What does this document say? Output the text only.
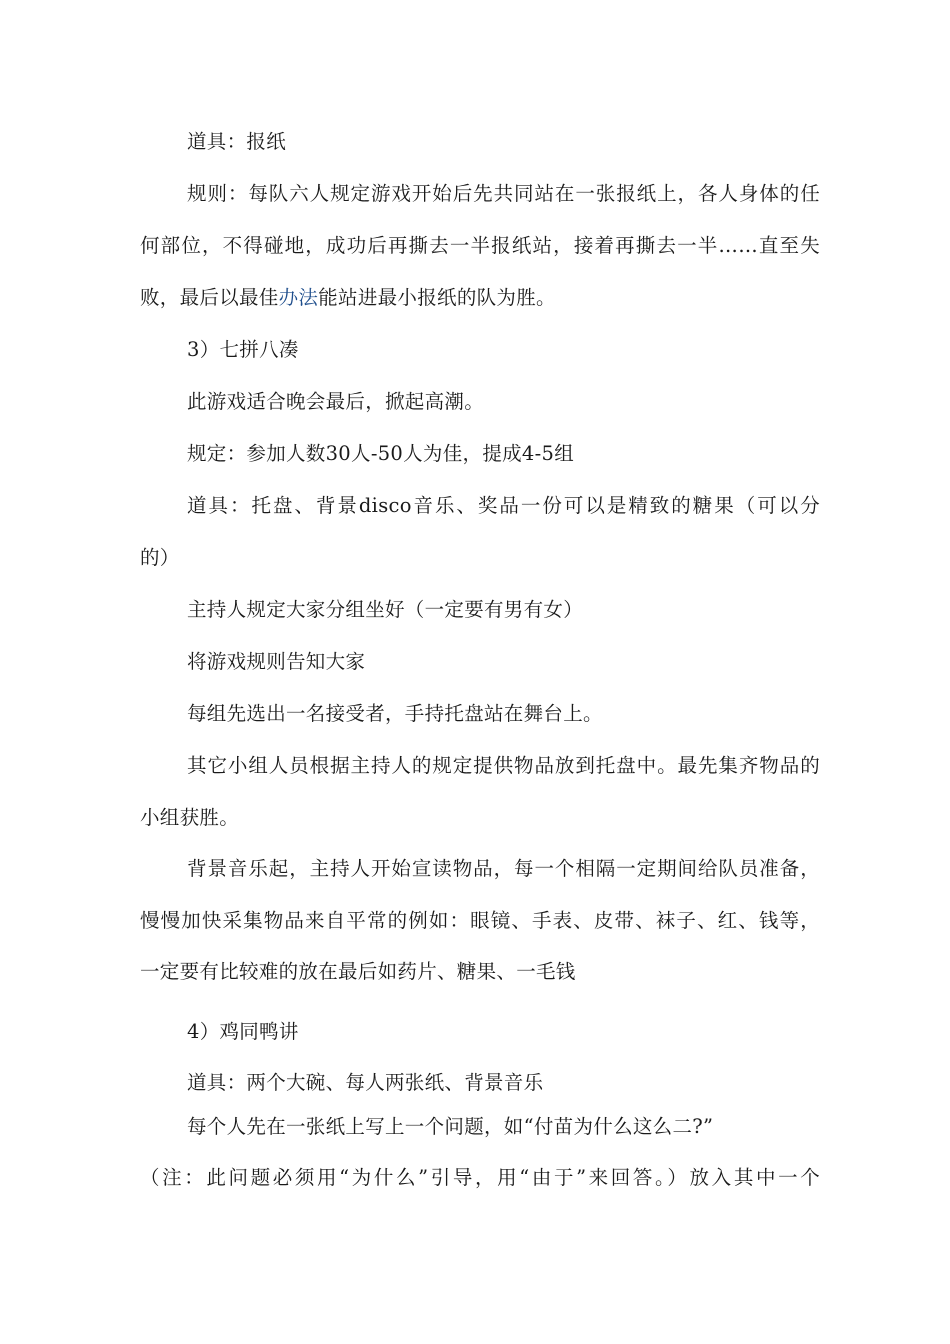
道具：报纸
规则：每队六人规定游戏开始后先共同站在一张报纸上，各人身体的任
何部位，不得碰地，成功后再撕去一半报纸站，接着再撕去一半……直至失
败，最后以最佳办法能站进最小报纸的队为胜。
3）七拼八凑
此游戏适合晚会最后，掀起高潮。
规定：参加人数30人-50人为佳，提成4-5组
道具：托盘、背景disco音乐、奖品一份可以是精致的糖果（可以分
的）
主持人规定大家分组坐好（一定要有男有女）
将游戏规则告知大家
每组先选出一名接受者，手持托盘站在舞台上。
其它小组人员根据主持人的规定提供物品放到托盘中。最先集齐物品的
小组获胜。
背景音乐起，主持人开始宣读物品，每一个相隔一定期间给队员准备，
慢慢加快采集物品来自平常的例如：眼镜、手表、皮带、袜子、红、钱等，
一定要有比较难的放在最后如药片、糖果、一毛钱
4）鸡同鸭讲
道具：两个大碗、每人两张纸、背景音乐
每个人先在一张纸上写上一个问题，如“付苗为什么这么二?”
（注：此问题必须用“为什么”引导，用“由于”来回答。）放入其中一个
